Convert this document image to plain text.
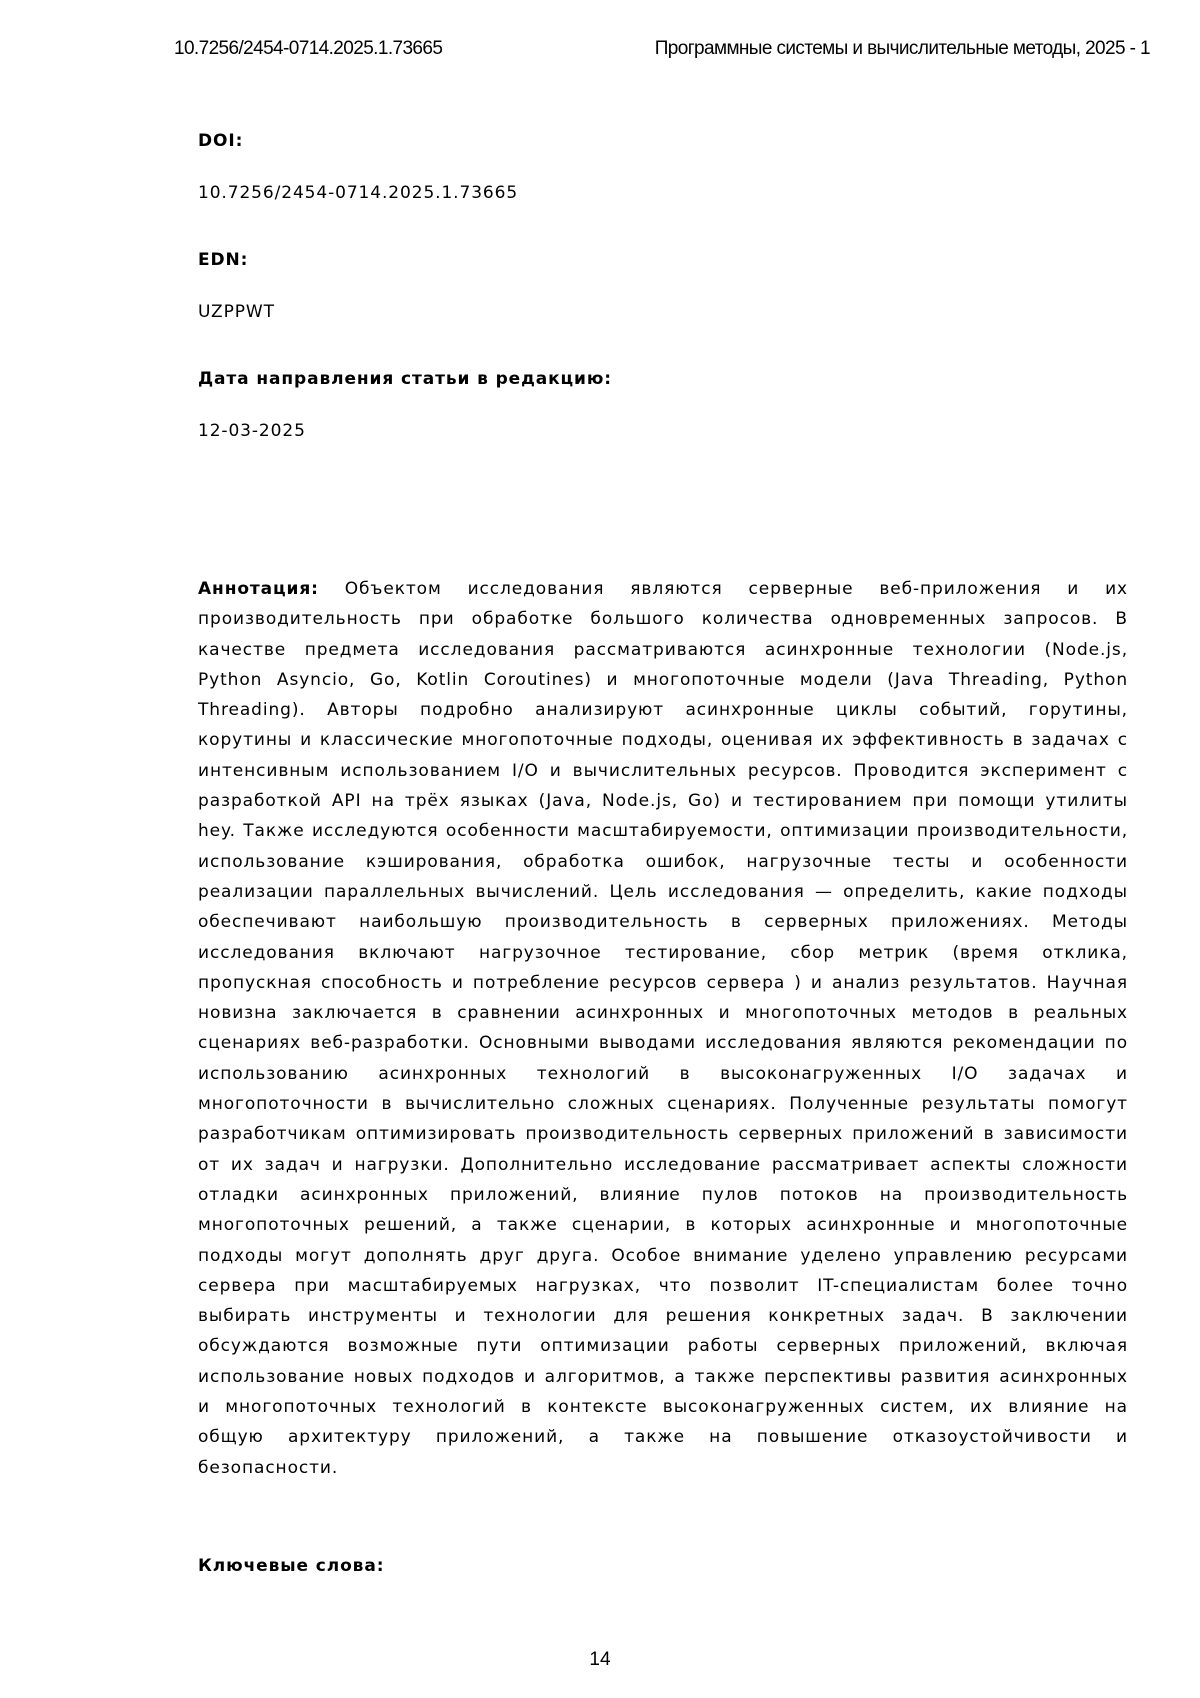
10.7256/2454-0714.2025.1.73665	Программные системы и вычислительные методы, 2025 - 1

DOI:

10.7256/2454-0714.2025.1.73665

EDN:

UZPPWT

Дата направления статьи в редакцию:

12-03-2025

Аннотация: Объектом исследования являются серверные веб-приложения и их производительность при обработке большого количества одновременных запросов. В качестве предмета исследования рассматриваются асинхронные технологии (Node.js, Python Asyncio, Go, Kotlin Coroutines) и многопоточные модели (Java Threading, Python Threading). Авторы подробно анализируют асинхронные циклы событий, горутины, корутины и классические многопоточные подходы, оценивая их эффективность в задачах с интенсивным использованием I/O и вычислительных ресурсов. Проводится эксперимент с разработкой API на трёх языках (Java, Node.js, Go) и тестированием при помощи утилиты hey. Также исследуются особенности масштабируемости, оптимизации производительности, использование кэширования, обработка ошибок, нагрузочные тесты и особенности реализации параллельных вычислений. Цель исследования — определить, какие подходы обеспечивают наибольшую производительность в серверных приложениях. Методы исследования включают нагрузочное тестирование, сбор метрик (время отклика, пропускная способность и потребление ресурсов сервера ) и анализ результатов. Научная новизна заключается в сравнении асинхронных и многопоточных методов в реальных сценариях веб-разработки. Основными выводами исследования являются рекомендации по использованию асинхронных технологий в высоконагруженных I/O задачах и многопоточности в вычислительно сложных сценариях. Полученные результаты помогут разработчикам оптимизировать производительность серверных приложений в зависимости от их задач и нагрузки. Дополнительно исследование рассматривает аспекты сложности отладки асинхронных приложений, влияние пулов потоков на производительность многопоточных решений, а также сценарии, в которых асинхронные и многопоточные подходы могут дополнять друг друга. Особое внимание уделено управлению ресурсами сервера при масштабируемых нагрузках, что позволит IT-специалистам более точно выбирать инструменты и технологии для решения конкретных задач. В заключении обсуждаются возможные пути оптимизации работы серверных приложений, включая использование новых подходов и алгоритмов, а также перспективы развития асинхронных и многопоточных технологий в контексте высоконагруженных систем, их влияние на общую архитектуру приложений, а также на повышение отказоустойчивости и безопасности.

Ключевые слова:

14
